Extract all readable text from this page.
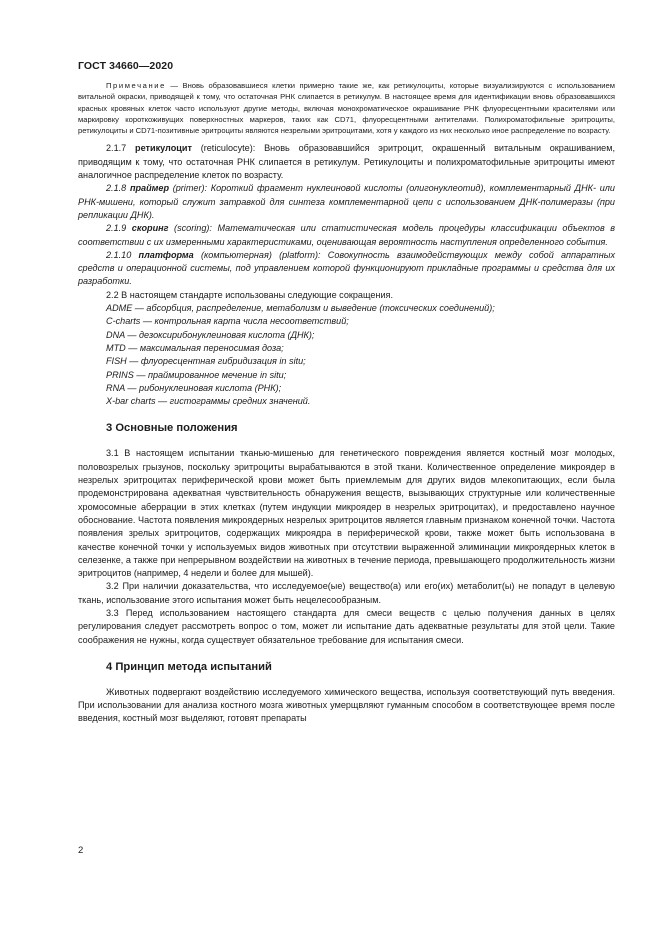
ГОСТ 34660—2020

Примечание — Вновь образовавшиеся клетки примерно такие же, как ретикулоциты, которые визуализируются с использованием витальной окраски, приводящей к тому, что остаточная РНК слипается в ретикулум. В настоящее время для идентификации вновь образовавшихся красных кровяных клеток часто используют другие методы, включая монохроматическое окрашивание РНК флуоресцентными красителями или маркировку короткоживущих поверхностных маркеров, таких как CD71, флуоресцентными антителами. Полихроматофильные эритроциты, ретикулоциты и CD71-позитивные эритроциты являются незрелыми эритроцитами, хотя у каждого из них несколько иное распределение по возрасту.

2.1.7 ретикулоцит (reticulocyte): Вновь образовавшийся эритроцит, окрашенный витальным окрашиванием, приводящим к тому, что остаточная РНК слипается в ретикулум. Ретикулоциты и полихроматофильные эритроциты имеют аналогичное распределение клеток по возрасту.

2.1.8 праймер (primer): Короткий фрагмент нуклеиновой кислоты (олигонуклеотид), комплементарный ДНК- или РНК-мишени, который служит затравкой для синтеза комплементарной цепи с использованием ДНК-полимеразы (при репликации ДНК).

2.1.9 скоринг (scoring): Математическая или статистическая модель процедуры классификации объектов в соответствии с их измеренными характеристиками, оценивающая вероятность наступления определенного события.

2.1.10 платформа (компьютерная) (platform): Совокупность взаимодействующих между собой аппаратных средств и операционной системы, под управлением которой функционируют прикладные программы и средства для их разработки.

2.2 В настоящем стандарте использованы следующие сокращения.

ADME — абсорбция, распределение, метаболизм и выведение (токсических соединений);

C-charts — контрольная карта числа несоответствий;

DNA — дезоксирибонуклеиновая кислота (ДНК);

MTD — максимальная переносимая доза;

FISH — флуоресцентная гибридизация in situ;

PRINS — праймированное мечение in situ;

RNA — рибонуклеиновая кислота (РНК);

X-bar charts — гистограммы средних значений.

3 Основные положения

3.1 В настоящем испытании тканью-мишенью для генетического повреждения является костный мозг молодых, половозрелых грызунов, поскольку эритроциты вырабатываются в этой ткани. Количественное определение микроядер в незрелых эритроцитах периферической крови может быть приемлемым для других видов млекопитающих, если была продемонстрирована адекватная чувствительность обнаружения веществ, вызывающих структурные или количественные хромосомные аберрации в этих клетках (путем индукции микроядер в незрелых эритроцитах), и предоставлено научное обоснование. Частота появления микроядерных незрелых эритроцитов является главным признаком конечной точки. Частота появления зрелых эритроцитов, содержащих микроядра в периферической крови, также может быть использована в качестве конечной точки у используемых видов животных при отсутствии выраженной элиминации микроядерных клеток в селезенке, а также при непрерывном воздействии на животных в течение периода, превышающего продолжительность жизни эритроцитов (например, 4 недели и более для мышей).

3.2 При наличии доказательства, что исследуемое(ые) вещество(а) или его(их) метаболит(ы) не попадут в целевую ткань, использование этого испытания может быть нецелесообразным.

3.3 Перед использованием настоящего стандарта для смеси веществ с целью получения данных в целях регулирования следует рассмотреть вопрос о том, может ли испытание дать адекватные результаты для этой цели. Такие соображения не нужны, когда существует обязательное требование для испытания смеси.

4 Принцип метода испытаний

Животных подвергают воздействию исследуемого химического вещества, используя соответствующий путь введения. При использовании для анализа костного мозга животных умерщвляют гуманным способом в соответствующее время после введения, костный мозг выделяют, готовят препараты

2
